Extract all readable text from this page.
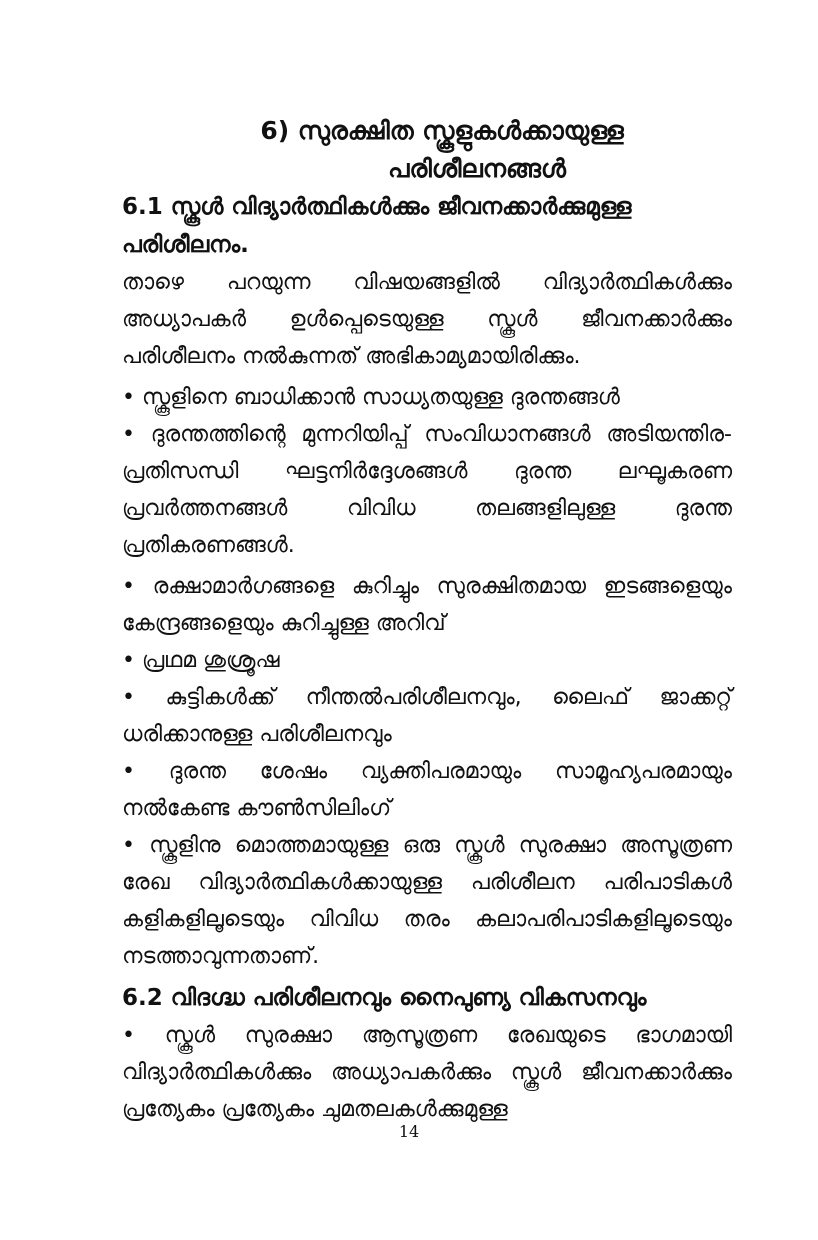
6) സുരക്ഷിത സ്കൂളുകൾക്കായുള്ള
പരിശീലനങ്ങൾ

6.1 സ്കൂൾ വിദ്യാർത്ഥികൾക്കും ജീവനക്കാർക്കുമുള്ള പരിശീലനം.

താഴെ പറയുന്ന വിഷയങ്ങളിൽ വിദ്യാർത്ഥികൾക്കും അധ്യാപകർ ഉൾപ്പെടെയുള്ള സ്കൂൾ ജീവനക്കാർക്കും പരിശീലനം നൽകുന്നത് അഭികാമ്യമായിരിക്കും.

• സ്കൂളിനെ ബാധിക്കാൻ സാധ്യതയുള്ള ദുരന്തങ്ങൾ

• ദുരന്തത്തിന്റെ മുന്നറിയിപ്പ് സംവിധാനങ്ങൾ അടിയന്തിര-പ്രതിസന്ധി ഘട്ടനിർദ്ദേശങ്ങൾ ദുരന്ത ലഘൂകരണ പ്രവർത്തനങ്ങൾ വിവിധ തലങ്ങളിലുള്ള ദുരന്ത പ്രതികരണങ്ങൾ.

• രക്ഷാമാർഗങ്ങളെ കുറിച്ചും സുരക്ഷിതമായ ഇടങ്ങളെയും കേന്ദ്രങ്ങളെയും കുറിച്ചുള്ള അറിവ്

• പ്രഥമ ശുശ്രൂഷ

• കുട്ടികൾക്ക് നീന്തൽപരിശീലനവും, ലൈഫ് ജാക്കറ്റ് ധരിക്കാനുള്ള പരിശീലനവും

• ദുരന്ത ശേഷം വ്യക്തിപരമായും സാമൂഹ്യപരമായും നൽകേണ്ട കൗൺസിലിംഗ്

• സ്കൂളിനു മൊത്തമായുള്ള ഒരു സ്കൂൾ സുരക്ഷാ അസൂത്രണ രേഖ വിദ്യാർത്ഥികൾക്കായുള്ള പരിശീലന പരിപാടികൾ കളികളിലൂടെയും വിവിധ തരം കലാപരിപാടികളിലൂടെയും നടത്താവുന്നതാണ്.

6.2 വിദഗ്ദ്ധ പരിശീലനവും നൈപുണ്യ വികസനവും

• സ്കൂൾ സുരക്ഷാ ആസൂത്രണ രേഖയുടെ ഭാഗമായി വിദ്യാർത്ഥികൾക്കും അധ്യാപകർക്കും സ്കൂൾ ജീവനക്കാർക്കും പ്രത്യേകം പ്രത്യേകം ചുമതലകൾക്കുമുള്ള

14
